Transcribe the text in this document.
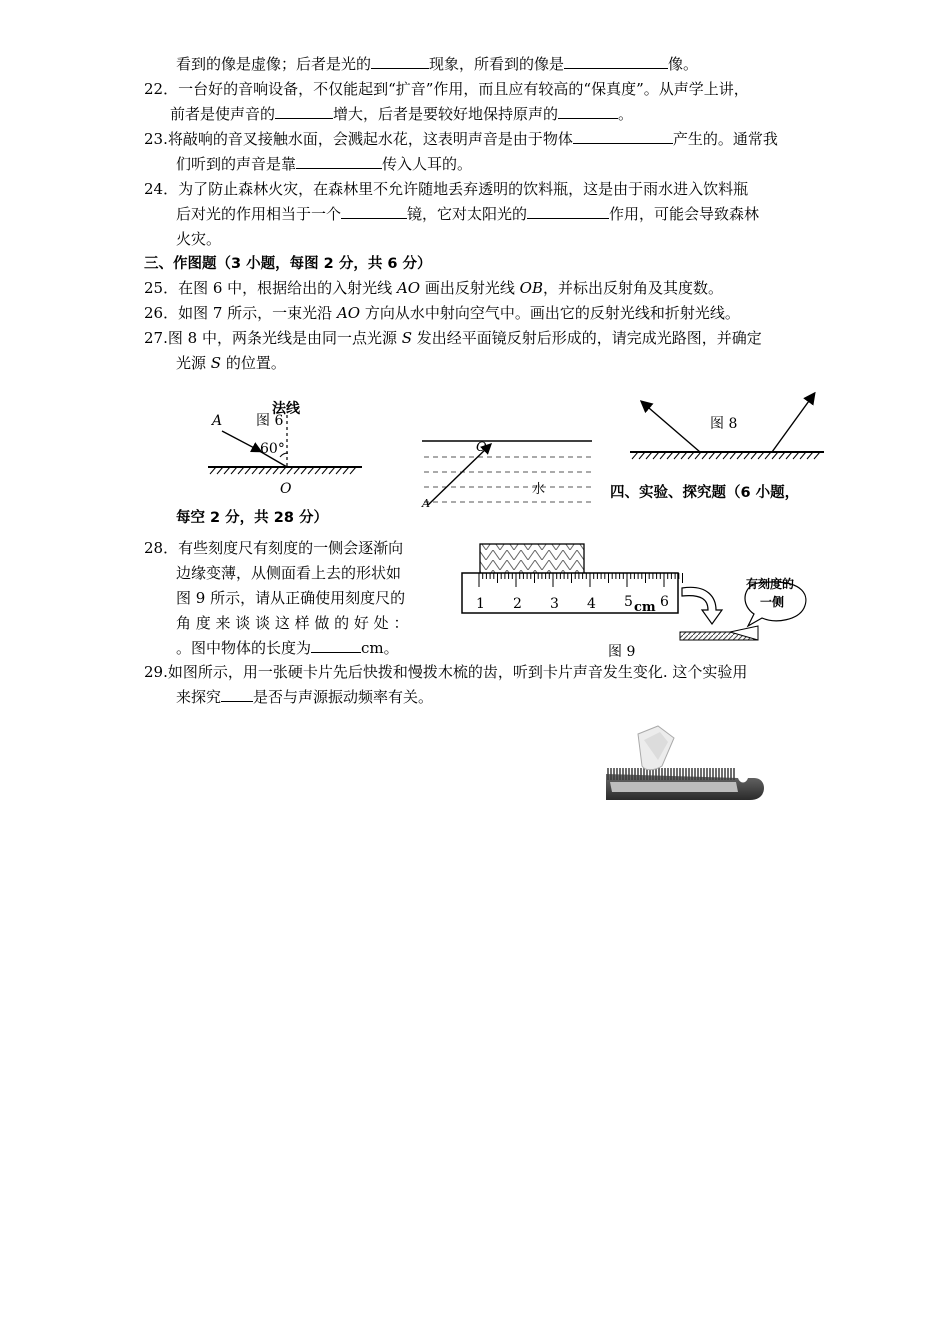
看到的像是虚像；后者是光的	现象，所看到的像是	像。
22．一台好的音响设备，不仅能起到“扩音”作用，而且应有较高的“保真度”。从声学上讲，
前者是使声音的	增大，后者是要较好地保持原声的	。
23.将敲响的音叉接触水面，会溅起水花，这表明声音是由于物体	产生的。通常我
们听到的声音是靠	传入人耳的。
24．为了防止森林火灾，在森林里不允许随地丢弃透明的饮料瓶，这是由于雨水进入饮料瓶
后对光的作用相当于一个	镜，它对太阳光的	作用，可能会导致森林
火灾。
三、作图题（3 小题，每图 2 分，共 6 分）
25．在图 6 中，根据给出的入射光线 AO 画出反射光线 OB，并标出反射角及其度数。
26．如图 7 所示，一束光沿 AO 方向从水中射向空气中。画出它的反射光线和折射光线。
27.图 8 中，两条光线是由同一点光源 S 发出经平面镜反射后形成的，请完成光路图，并确定
光源 S 的位置。
图 6
法线
A
60°
O
O
水
A
图 8
四、实验、探究题（6 小题，
每空 2 分，共 28 分）
28．有些刻度尺有刻度的一侧会逐渐向
边缘变薄，从侧面看上去的形状如
图 9 所示，请从正确使用刻度尺的
角 度 来 谈 谈 这 样 做 的 好 处 ：
。图中物体的长度为	cm。
1 2 3 4 5 6
cm
有刻度的
一侧
图 9
29.如图所示，用一张硬卡片先后快拨和慢拨木梳的齿，听到卡片声音发生变化. 这个实验用
来探究 是否与声源振动频率有关。
